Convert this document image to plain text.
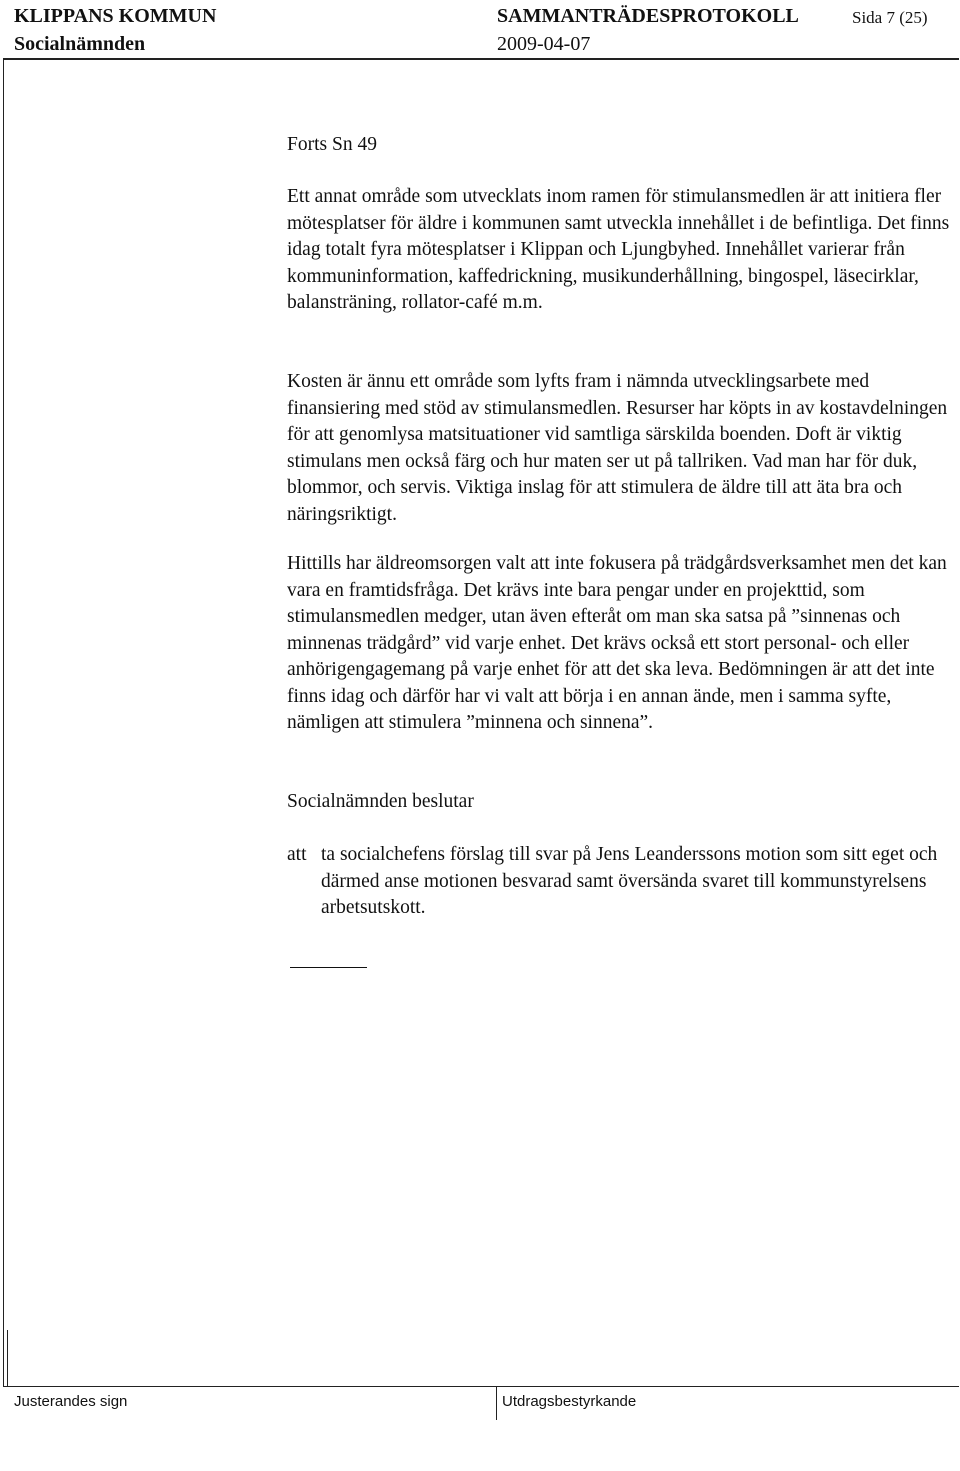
KLIPPANS KOMMUN	SAMMANTRÄDESPROTOKOLL	Sida 7 (25)
Socialnämnden	2009-04-07

Forts Sn 49

Ett annat område som utvecklats inom ramen för stimulansmedlen är att initiera fler mötesplatser för äldre i kommunen samt utveckla innehållet i de befintliga. Det finns idag totalt fyra mötesplatser i Klippan och Ljungbyhed. Innehållet varierar från kommuninformation, kaffedrickning, musikunderhållning, bingospel, läsecirklar, balansträning, rollator-café m.m.

Kosten är ännu ett område som lyfts fram i nämnda utvecklingsarbete med finansiering med stöd av stimulansmedlen. Resurser har köpts in av kostavdelningen för att genomlysa matsituationer vid samtliga särskilda boenden. Doft är viktig stimulans men också färg och hur maten ser ut på tallriken. Vad man har för duk, blommor, och servis. Viktiga inslag för att stimulera de äldre till att äta bra och näringsriktigt.

Hittills har äldreomsorgen valt att inte fokusera på trädgårdsverksamhet men det kan vara en framtidsfråga. Det krävs inte bara pengar under en projekttid, som stimulansmedlen medger, utan även efteråt om man ska satsa på ”sinnenas och minnenas trädgård” vid varje enhet. Det krävs också ett stort personal- och eller anhörigengagemang på varje enhet för att det ska leva. Bedömningen är att det inte finns idag och därför har vi valt att börja i en annan ände, men i samma syfte, nämligen att stimulera ”minnena och sinnena”.

Socialnämnden beslutar

att ta socialchefens förslag till svar på Jens Leanderssons motion som sitt eget och därmed anse motionen besvarad samt översända svaret till kommunstyrelsens arbetsutskott.
Justerandes sign	Utdragsbestyrkande
